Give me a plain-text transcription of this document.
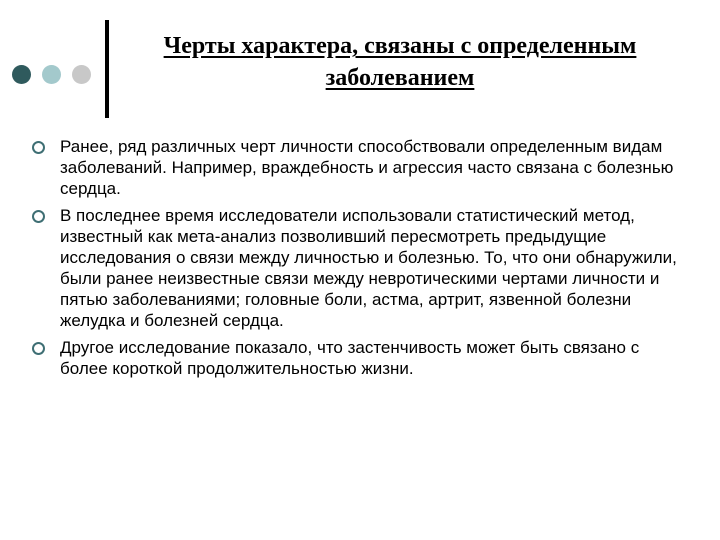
Черты характера, связаны с определенным заболеванием
Ранее, ряд различных черт личности способствовали определенным видам заболеваний. Например, враждебность и агрессия часто связана с болезнью сердца.
В последнее время исследователи использовали статистический метод, известный как мета-анализ позволивший пересмотреть предыдущие исследования о связи между личностью и болезнью. То, что они обнаружили, были ранее неизвестные связи между невротическими чертами личности и пятью заболеваниями; головные боли, астма, артрит, язвенной болезни желудка и болезней сердца.
Другое исследование показало, что застенчивость может быть связано с более короткой продолжительностью жизни.
